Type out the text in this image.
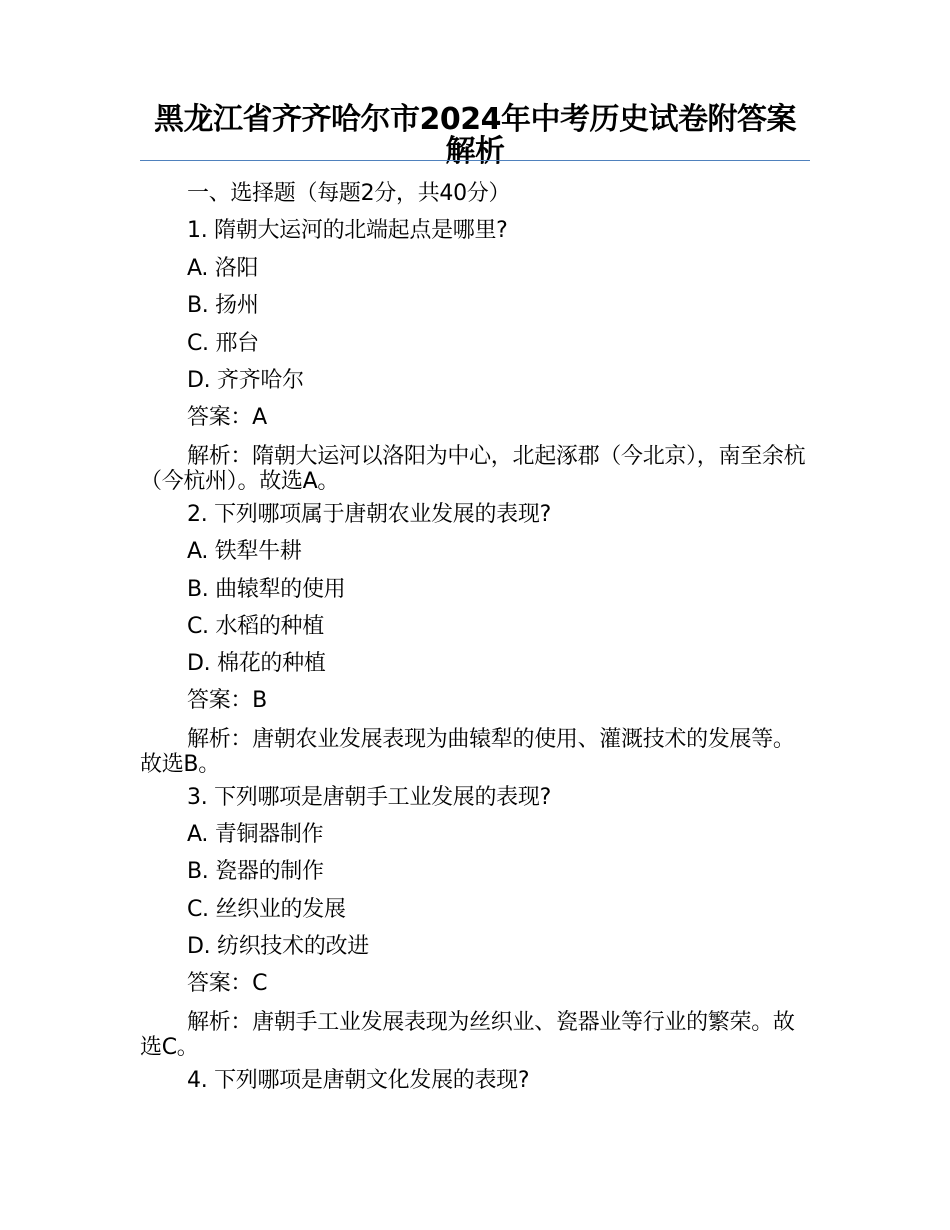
黑龙江省齐齐哈尔市2024年中考历史试卷附答案解析
一、选择题（每题2分，共40分）
1. 隋朝大运河的北端起点是哪里?
A. 洛阳
B. 扬州
C. 邢台
D. 齐齐哈尔
答案：A
解析：隋朝大运河以洛阳为中心，北起涿郡（今北京），南至余杭（今杭州）。故选A。
2. 下列哪项属于唐朝农业发展的表现?
A. 铁犁牛耕
B. 曲辕犁的使用
C. 水稻的种植
D. 棉花的种植
答案：B
解析：唐朝农业发展表现为曲辕犁的使用、灌溉技术的发展等。故选B。
3. 下列哪项是唐朝手工业发展的表现?
A. 青铜器制作
B. 瓷器的制作
C. 丝织业的发展
D. 纺织技术的改进
答案：C
解析：唐朝手工业发展表现为丝织业、瓷器业等行业的繁荣。故选C。
4. 下列哪项是唐朝文化发展的表现?
